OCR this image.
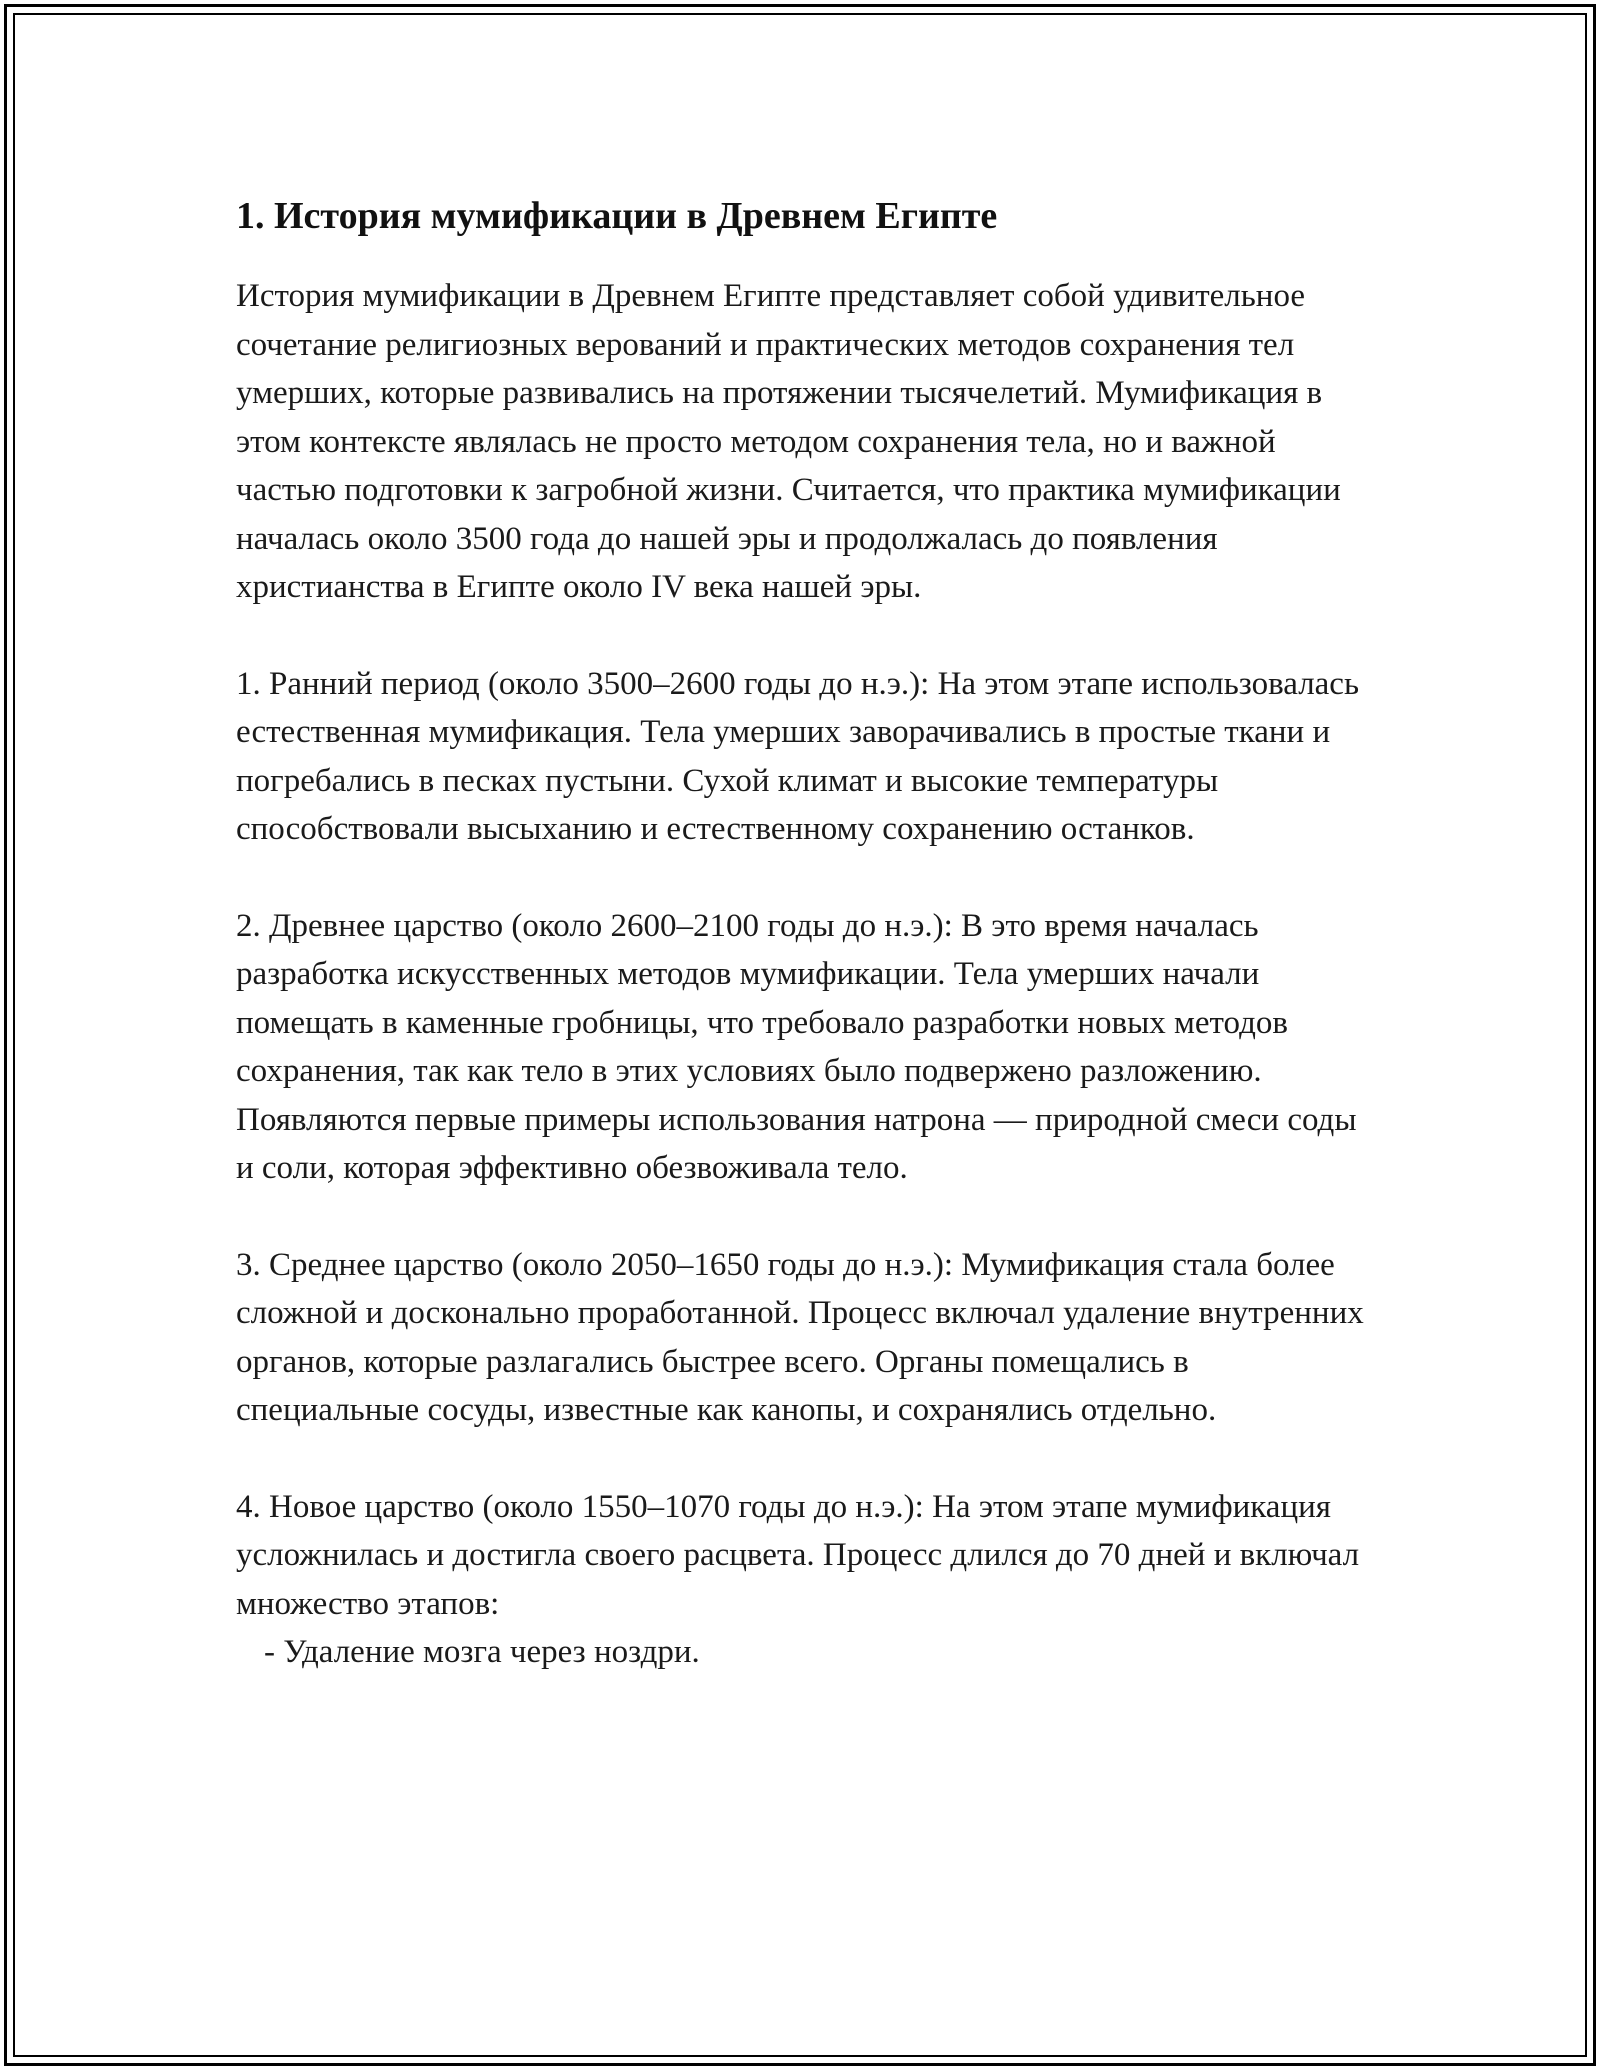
1. История мумификации в Древнем Египте

История мумификации в Древнем Египте представляет собой удивительное сочетание религиозных верований и практических методов сохранения тел умерших, которые развивались на протяжении тысячелетий. Мумификация в этом контексте являлась не просто методом сохранения тела, но и важной частью подготовки к загробной жизни. Считается, что практика мумификации началась около 3500 года до нашей эры и продолжалась до появления христианства в Египте около IV века нашей эры.

1. Ранний период (около 3500–2600 годы до н.э.): На этом этапе использовалась естественная мумификация. Тела умерших заворачивались в простые ткани и погребались в песках пустыни. Сухой климат и высокие температуры способствовали высыханию и естественному сохранению останков.

2. Древнее царство (около 2600–2100 годы до н.э.): В это время началась разработка искусственных методов мумификации. Тела умерших начали помещать в каменные гробницы, что требовало разработки новых методов сохранения, так как тело в этих условиях было подвержено разложению. Появляются первые примеры использования натрона — природной смеси соды и соли, которая эффективно обезвоживала тело.

3. Среднее царство (около 2050–1650 годы до н.э.): Мумификация стала более сложной и досконально проработанной. Процесс включал удаление внутренних органов, которые разлагались быстрее всего. Органы помещались в специальные сосуды, известные как канопы, и сохранялись отдельно.

4. Новое царство (около 1550–1070 годы до н.э.): На этом этапе мумификация усложнилась и достигла своего расцвета. Процесс длился до 70 дней и включал множество этапов:

- Удаление мозга через ноздри.
